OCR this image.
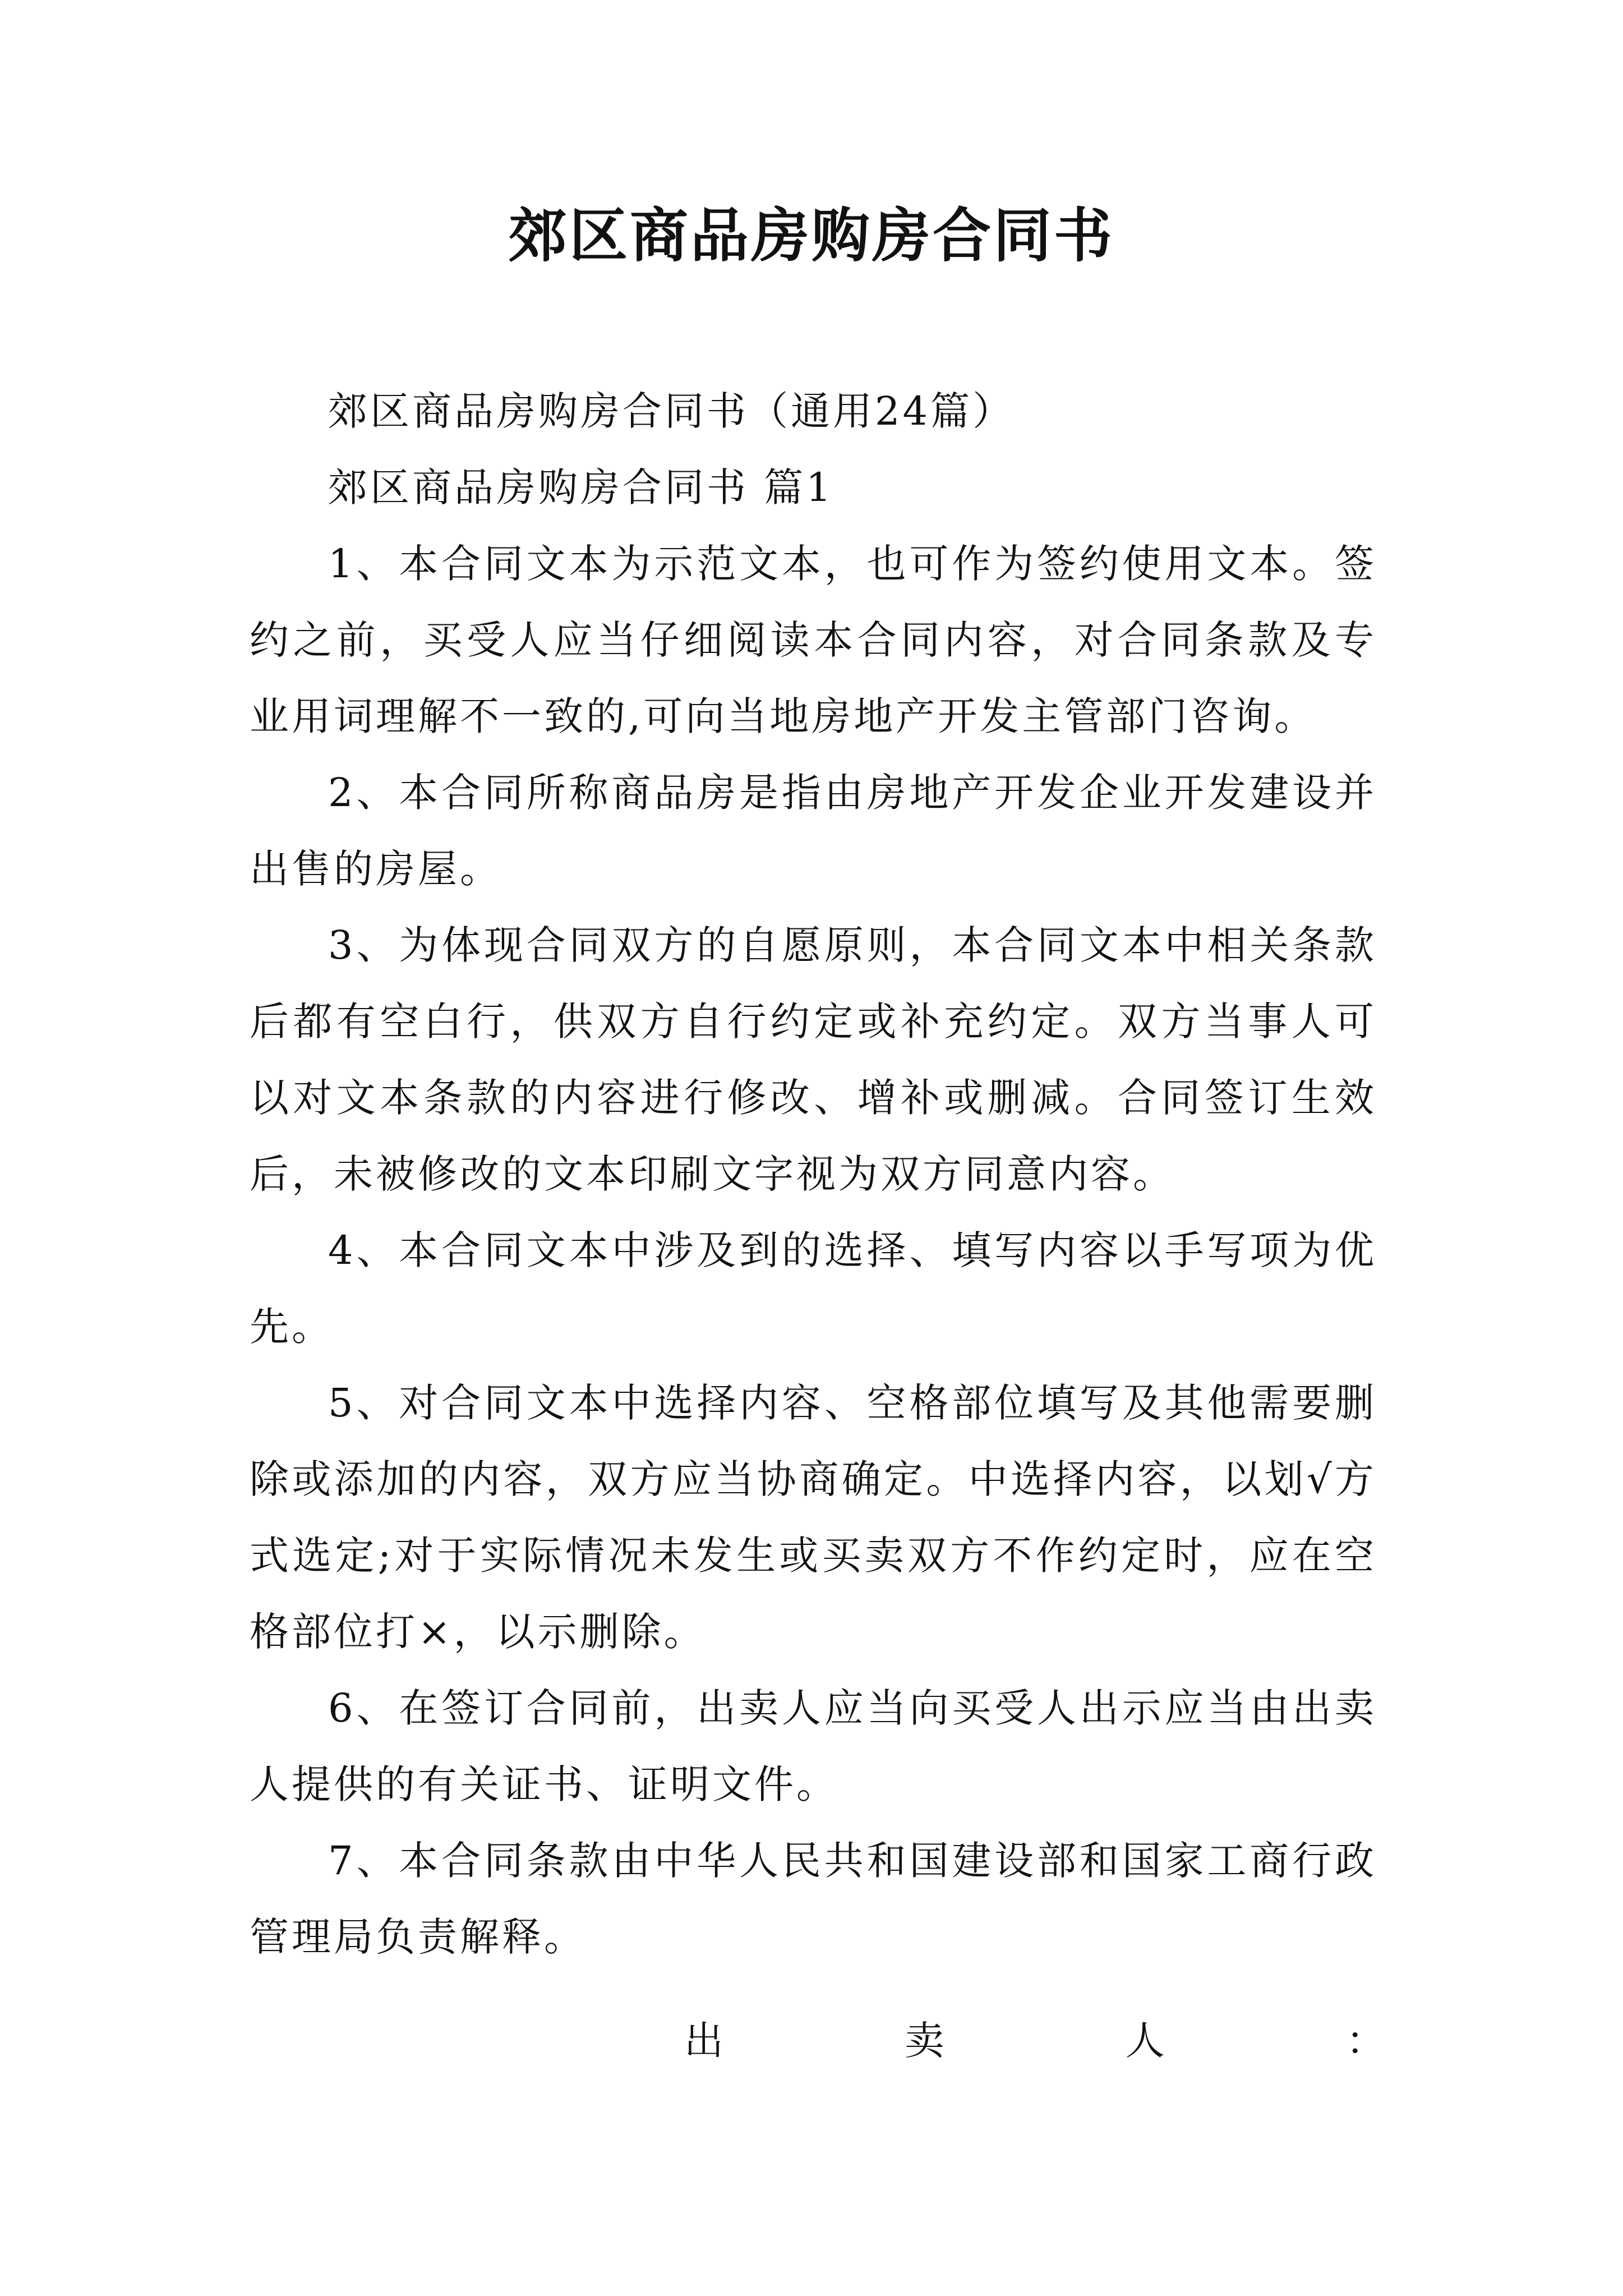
郊区商品房购房合同书

郊区商品房购房合同书（通用24篇）

郊区商品房购房合同书 篇1

1、本合同文本为示范文本，也可作为签约使用文本。签约之前，买受人应当仔细阅读本合同内容，对合同条款及专业用词理解不一致的,可向当地房地产开发主管部门咨询。

2、本合同所称商品房是指由房地产开发企业开发建设并出售的房屋。

3、为体现合同双方的自愿原则，本合同文本中相关条款后都有空白行，供双方自行约定或补充约定。双方当事人可以对文本条款的内容进行修改、增补或删减。合同签订生效后，未被修改的文本印刷文字视为双方同意内容。

4、本合同文本中涉及到的选择、填写内容以手写项为优先。

5、对合同文本中选择内容、空格部位填写及其他需要删除或添加的内容，双方应当协商确定。中选择内容，以划√方式选定;对于实际情况未发生或买卖双方不作约定时，应在空格部位打×，以示删除。

6、在签订合同前，出卖人应当向买受人出示应当由出卖人提供的有关证书、证明文件。

7、本合同条款由中华人民共和国建设部和国家工商行政管理局负责解释。

出	卖	人	：
